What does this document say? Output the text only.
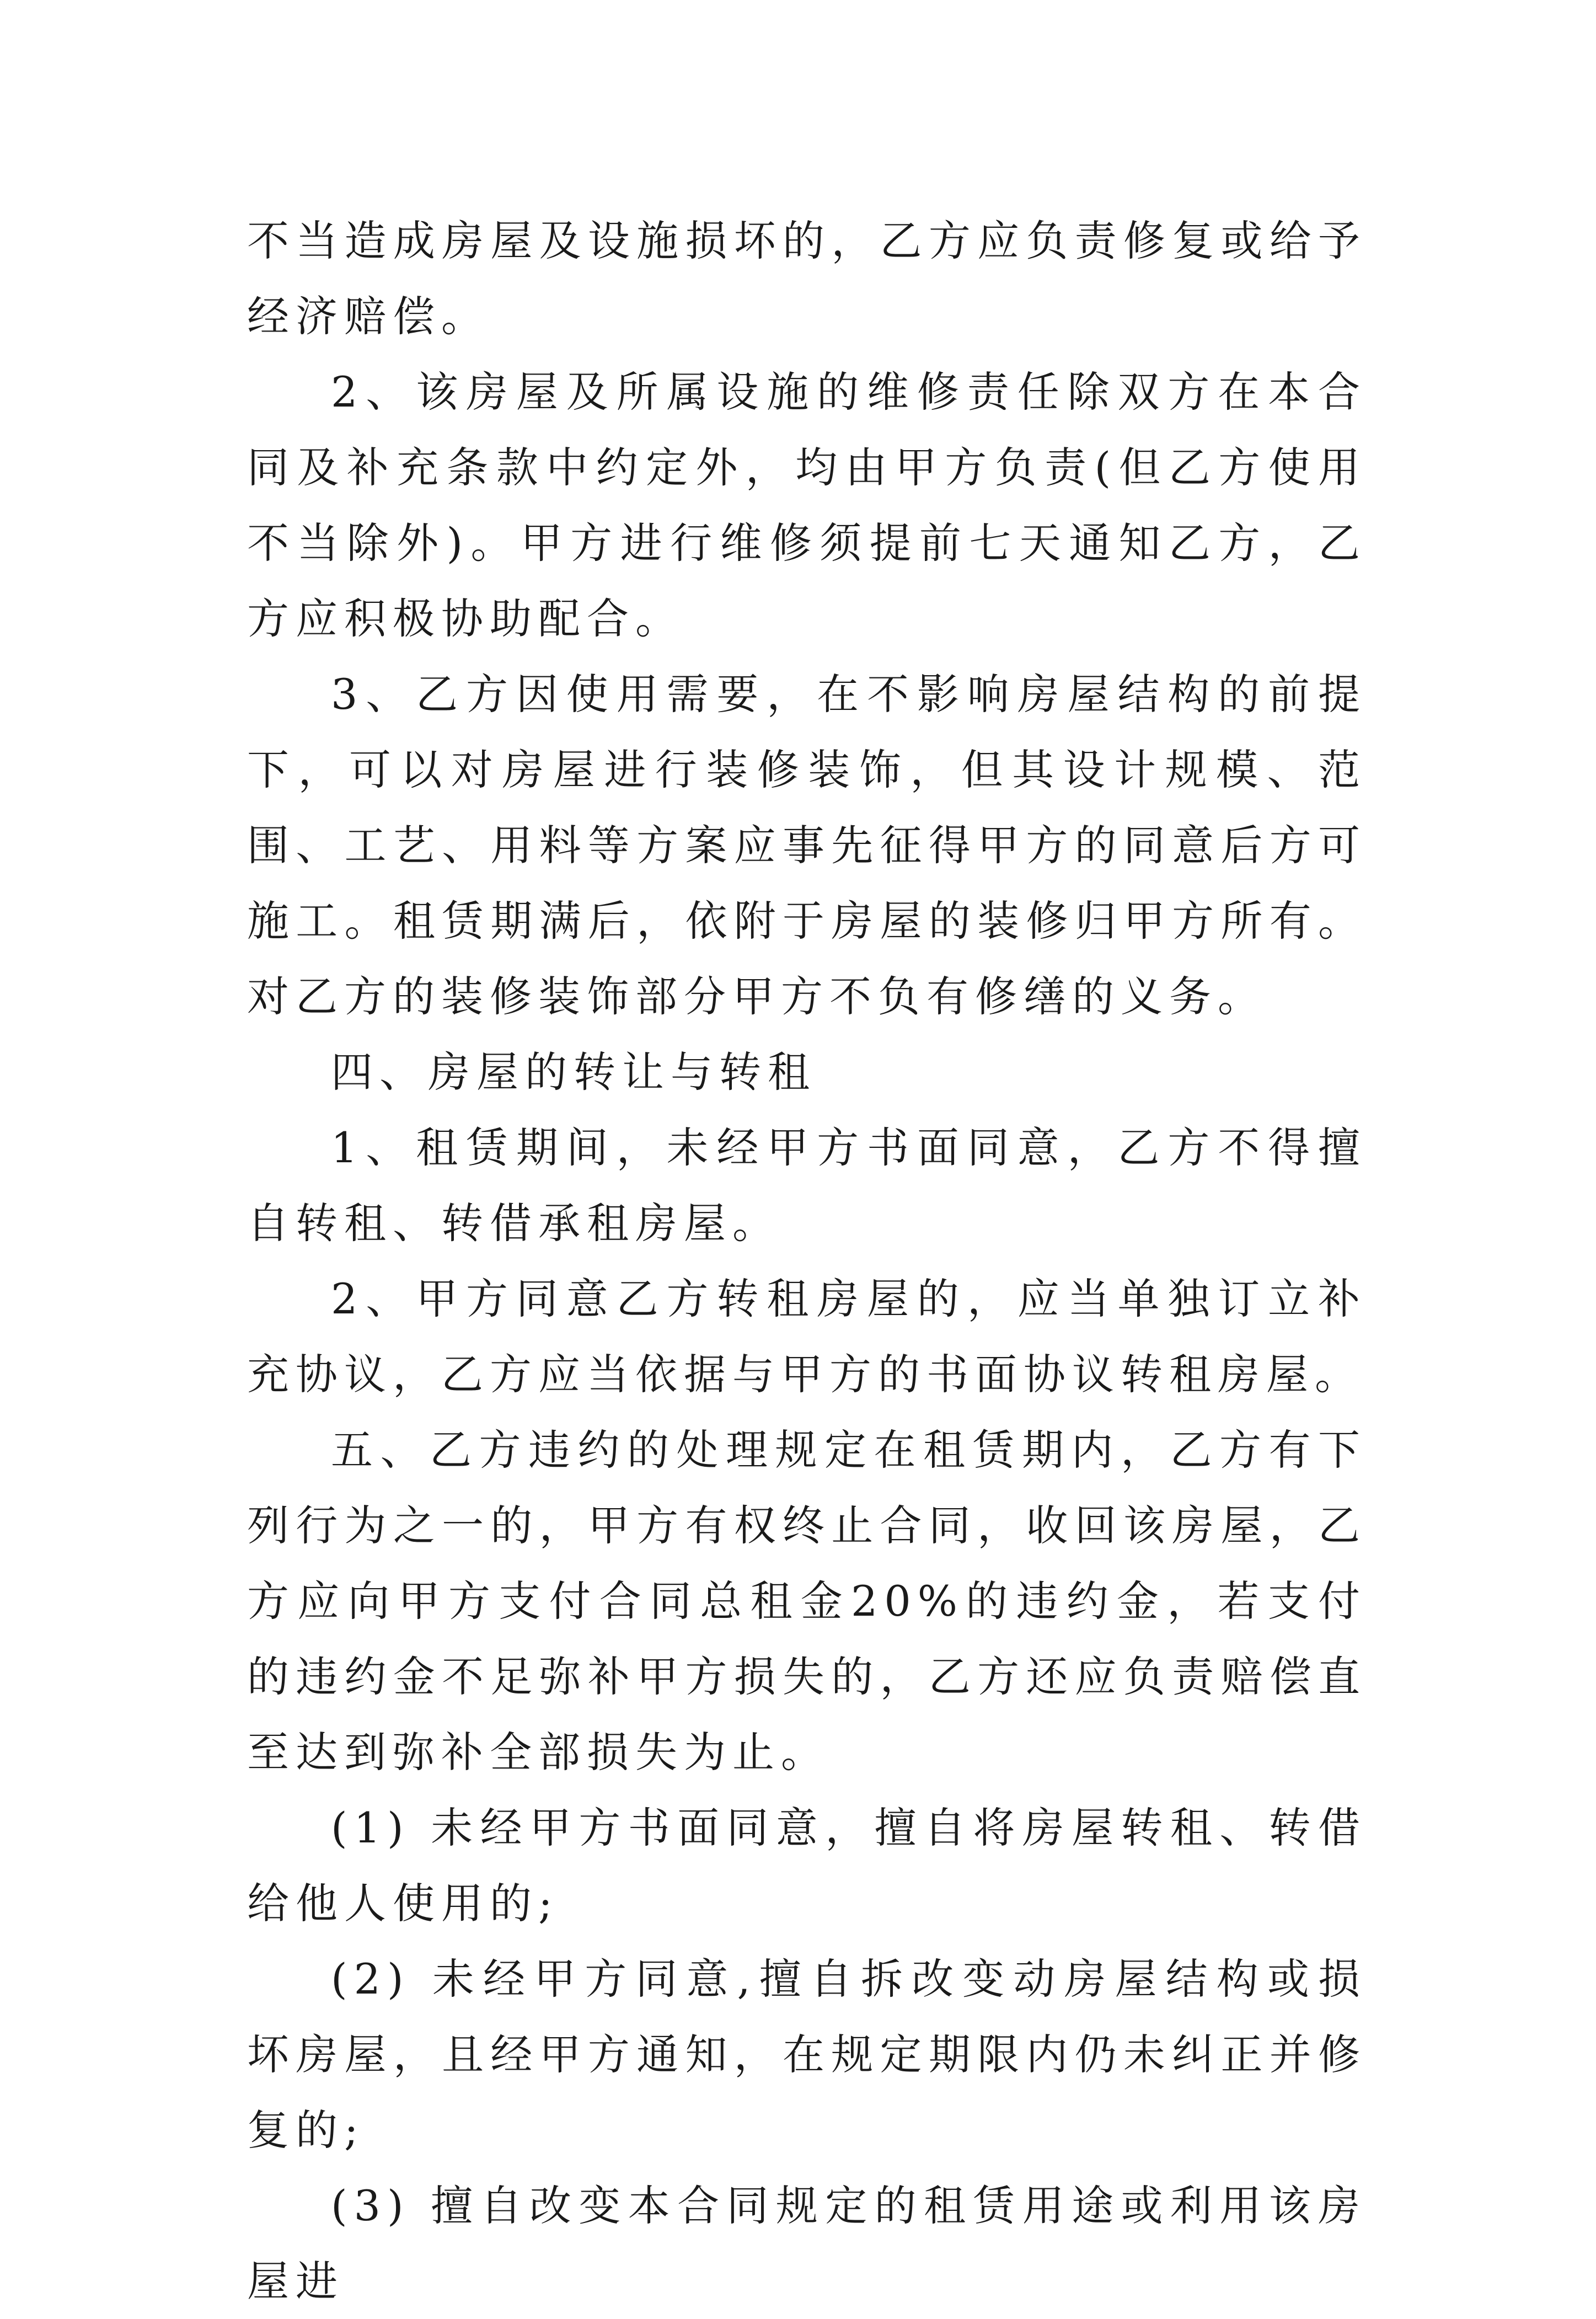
不当造成房屋及设施损坏的，乙方应负责修复或给予经济赔偿。

2、该房屋及所属设施的维修责任除双方在本合同及补充条款中约定外，均由甲方负责(但乙方使用不当除外)。甲方进行维修须提前七天通知乙方，乙方应积极协助配合。

3、乙方因使用需要，在不影响房屋结构的前提下，可以对房屋进行装修装饰，但其设计规模、范围、工艺、用料等方案应事先征得甲方的同意后方可施工。租赁期满后，依附于房屋的装修归甲方所有。对乙方的装修装饰部分甲方不负有修缮的义务。

四、房屋的转让与转租

1、租赁期间，未经甲方书面同意，乙方不得擅自转租、转借承租房屋。

2、甲方同意乙方转租房屋的，应当单独订立补充协议，乙方应当依据与甲方的书面协议转租房屋。

五、乙方违约的处理规定在租赁期内，乙方有下列行为之一的，甲方有权终止合同，收回该房屋，乙方应向甲方支付合同总租金20%的违约金，若支付的违约金不足弥补甲方损失的，乙方还应负责赔偿直至达到弥补全部损失为止。

(1) 未经甲方书面同意，擅自将房屋转租、转借给他人使用的;

(2) 未经甲方同意,擅自拆改变动房屋结构或损坏房屋，且经甲方通知，在规定期限内仍未纠正并修复的;

(3) 擅自改变本合同规定的租赁用途或利用该房屋进
